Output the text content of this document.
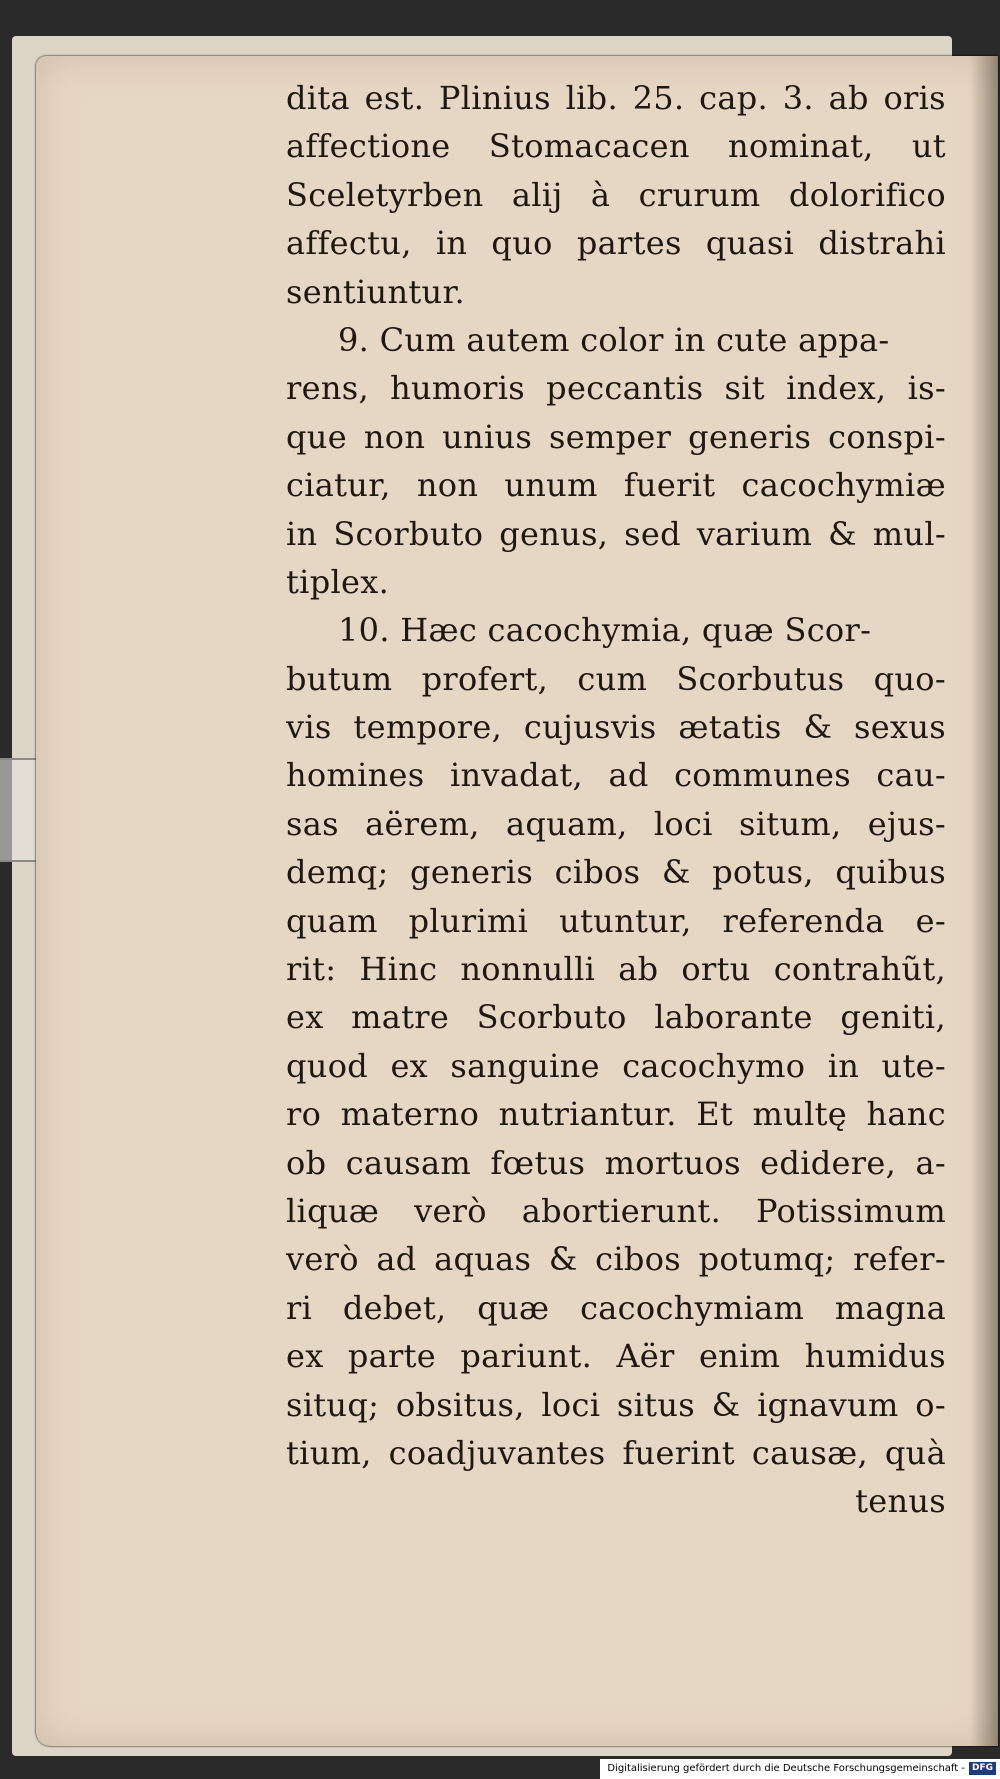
dita est. Plinius lib. 25. cap. 3. ab oris
affectione Stomacacen nominat, ut
Sceletyrben alij à crurum dolorifico
affectu, in quo partes quasi distrahi
sentiuntur.
9. Cum autem color in cute appa-
rens, humoris peccantis sit index, is-
que non unius semper generis conspi-
ciatur, non unum fuerit cacochymiæ
in Scorbuto genus, sed varium & mul-
tiplex.
10. Hæc cacochymia, quæ Scor-
butum profert, cum Scorbutus quo-
vis tempore, cujusvis ætatis & sexus
homines invadat, ad communes cau-
sas aërem, aquam, loci situm, ejus-
demq; generis cibos & potus, quibus
quam plurimi utuntur, referenda e-
rit: Hinc nonnulli ab ortu contrahũt,
ex matre Scorbuto laborante geniti,
quod ex sanguine cacochymo in ute-
ro materno nutriantur. Et multę hanc
ob causam fœtus mortuos edidere, a-
liquæ verò abortierunt. Potissimum
verò ad aquas & cibos potumq; refer-
ri debet, quæ cacochymiam magna
ex parte pariunt. Aër enim humidus
situq; obsitus, loci situs & ignavum o-
tium, coadjuvantes fuerint causæ, quà
tenus
Digitalisierung gefördert durch die Deutsche Forschungsgemeinschaft - DFG
